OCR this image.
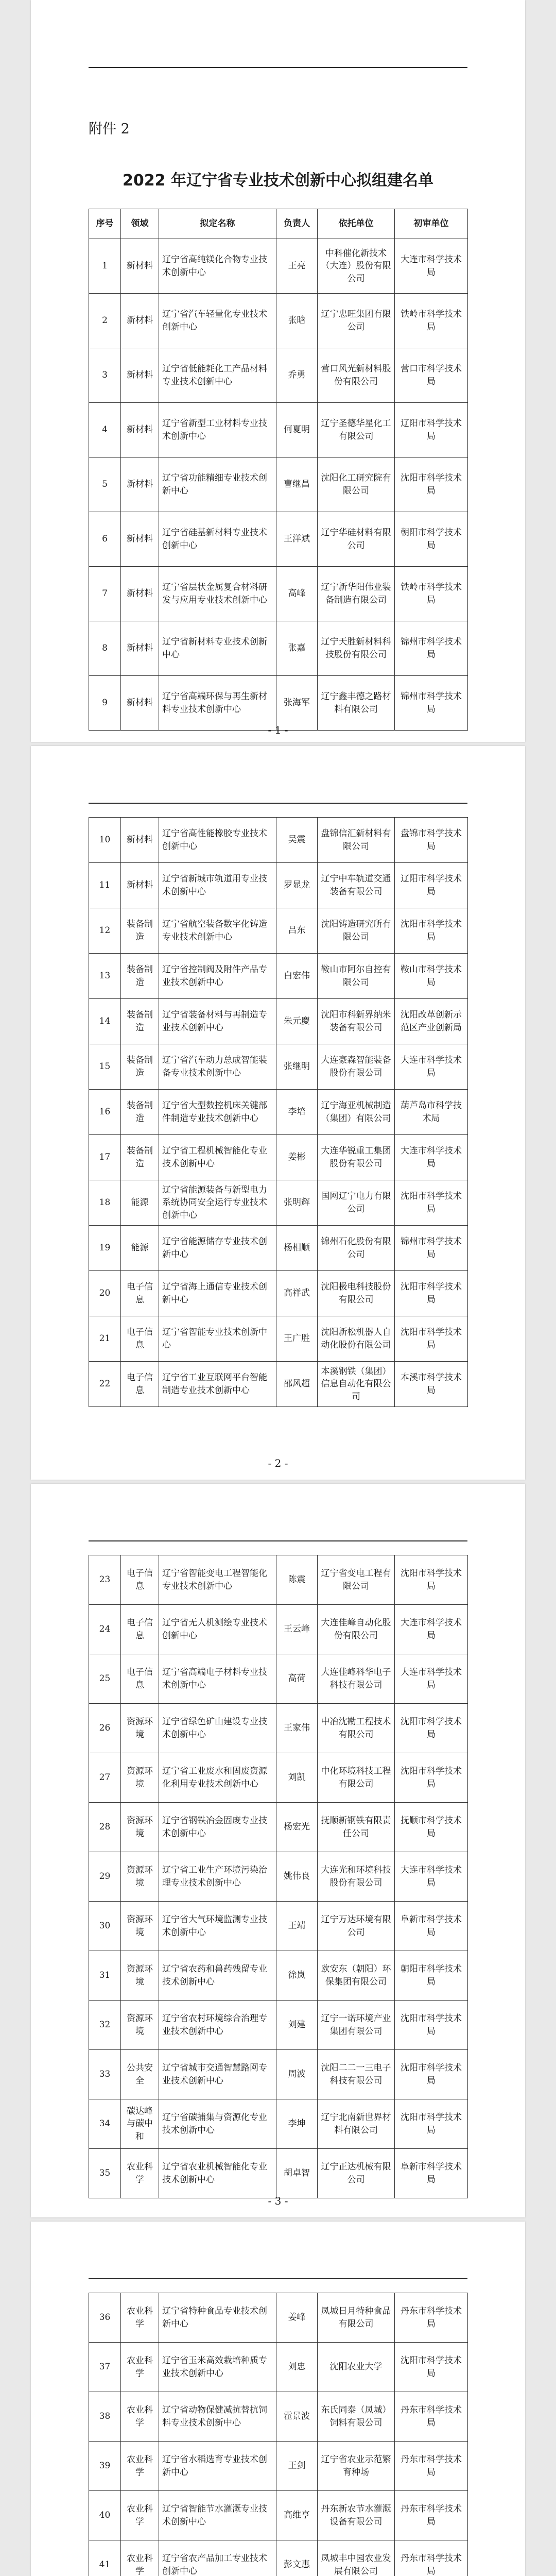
附件 2
2022 年辽宁省专业技术创新中心拟组建名单
序号	领域	拟定名称	负责人	依托单位	初审单位
1	新材料	辽宁省高纯镁化合物专业技术创新中心	王亮	中科催化新技术（大连）股份有限公司	大连市科学技术局
2	新材料	辽宁省汽车轻量化专业技术创新中心	张晗	辽宁忠旺集团有限公司	铁岭市科学技术局
3	新材料	辽宁省低能耗化工产品材料专业技术创新中心	乔勇	营口风光新材料股份有限公司	营口市科学技术局
4	新材料	辽宁省新型工业材料专业技术创新中心	何夏明	辽宁圣德华星化工有限公司	辽阳市科学技术局
5	新材料	辽宁省功能精细专业技术创新中心	曹继昌	沈阳化工研究院有限公司	沈阳市科学技术局
6	新材料	辽宁省硅基新材料专业技术创新中心	王洋斌	辽宁华硅材料有限公司	朝阳市科学技术局
7	新材料	辽宁省层状金属复合材料研发与应用专业技术创新中心	高峰	辽宁新华阳伟业装备制造有限公司	铁岭市科学技术局
8	新材料	辽宁省新材料专业技术创新中心	张嘉	辽宁天胜新材料科技股份有限公司	锦州市科学技术局
9	新材料	辽宁省高端环保与再生新材料专业技术创新中心	张海军	辽宁鑫丰德之路材料有限公司	锦州市科学技术局
- 1 -
10	新材料	辽宁省高性能橡胶专业技术创新中心	吴震	盘锦信汇新材料有限公司	盘锦市科学技术局
11	新材料	辽宁省新城市轨道用专业技术创新中心	罗显龙	辽宁中车轨道交通装备有限公司	辽阳市科学技术局
12	装备制造	辽宁省航空装备数字化铸造专业技术创新中心	吕东	沈阳铸造研究所有限公司	沈阳市科学技术局
13	装备制造	辽宁省控制阀及附件产品专业技术创新中心	白宏伟	鞍山市阿尔自控有限公司	鞍山市科学技术局
14	装备制造	辽宁省装备材料与再制造专业技术创新中心	朱元慶	沈阳市科新界纳米装备有限公司	沈阳改革创新示范区产业创新局
15	装备制造	辽宁省汽车动力总成智能装备专业技术创新中心	张继明	大连豪森智能装备股份有限公司	大连市科学技术局
16	装备制造	辽宁省大型数控机床关键部件制造专业技术创新中心	李培	辽宁海亚机械制造（集团）有限公司	葫芦岛市科学技术局
17	装备制造	辽宁省工程机械智能化专业技术创新中心	姜彬	大连华锐重工集团股份有限公司	大连市科学技术局
18	能源	辽宁省能源装备与新型电力系统协同安全运行专业技术创新中心	张明辉	国网辽宁电力有限公司	沈阳市科学技术局
19	能源	辽宁省能源储存专业技术创新中心	杨相顺	锦州石化股份有限公司	锦州市科学技术局
20	电子信息	辽宁省海上通信专业技术创新中心	高祥武	沈阳极电科技股份有限公司	沈阳市科学技术局
21	电子信息	辽宁省智能专业技术创新中心	王广胜	沈阳新松机器人自动化股份有限公司	沈阳市科学技术局
22	电子信息	辽宁省工业互联网平台智能制造专业技术创新中心	邵风超	本溪钢铁（集团）信息自动化有限公司	本溪市科学技术局
- 2 -
23	电子信息	辽宁省智能变电工程智能化专业技术创新中心	陈震	辽宁省变电工程有限公司	沈阳市科学技术局
24	电子信息	辽宁省无人机测绘专业技术创新中心	王云峰	大连佳峰自动化股份有限公司	大连市科学技术局
25	电子信息	辽宁省高端电子材料专业技术创新中心	高荷	大连佳峰科华电子科技有限公司	大连市科学技术局
26	资源环境	辽宁省绿色矿山建设专业技术创新中心	王家伟	中冶沈勘工程技术有限公司	沈阳市科学技术局
27	资源环境	辽宁省工业废水和固废资源化利用专业技术创新中心	刘凯	中化环境科技工程有限公司	沈阳市科学技术局
28	资源环境	辽宁省钢铁冶金固废专业技术创新中心	杨宏光	抚顺新钢铁有限责任公司	抚顺市科学技术局
29	资源环境	辽宁省工业生产环境污染治理专业技术创新中心	姚伟良	大连光和环境科技股份有限公司	大连市科学技术局
30	资源环境	辽宁省大气环境监测专业技术创新中心	王靖	辽宁万达环境有限公司	阜新市科学技术局
31	资源环境	辽宁省农药和兽药残留专业技术创新中心	徐岚	欧安东（朝阳）环保集团有限公司	朝阳市科学技术局
32	资源环境	辽宁省农村环境综合治理专业技术创新中心	刘建	辽宁一诺环境产业集团有限公司	沈阳市科学技术局
33	公共安全	辽宁省城市交通智慧路网专业技术创新中心	周波	沈阳二二一三电子科技有限公司	沈阳市科学技术局
34	碳达峰与碳中和	辽宁省碳捕集与资源化专业技术创新中心	李坤	辽宁北南新世界材料有限公司	沈阳市科学技术局
35	农业科学	辽宁省农业机械智能化专业技术创新中心	胡卓智	辽宁正达机械有限公司	阜新市科学技术局
- 3 -
36	农业科学	辽宁省特种食品专业技术创新中心	姜峰	凤城日月特种食品有限公司	丹东市科学技术局
37	农业科学	辽宁省玉米高效栽培种质专业技术创新中心	刘忠	沈阳农业大学	沈阳市科学技术局
38	农业科学	辽宁省动物保健减抗替抗饲料专业技术创新中心	霍景波	东氏同泰（凤城）饲料有限公司	丹东市科学技术局
39	农业科学	辽宁省水稻选育专业技术创新中心	王剑	辽宁省农业示范繁育种场	丹东市科学技术局
40	农业科学	辽宁省智能节水灌溉专业技术创新中心	高维亨	丹东新农节水灌溉设备有限公司	丹东市科学技术局
41	农业科学	辽宁省农产品加工专业技术创新中心	彭文惠	凤城丰中园农业发展有限公司	丹东市科学技术局
